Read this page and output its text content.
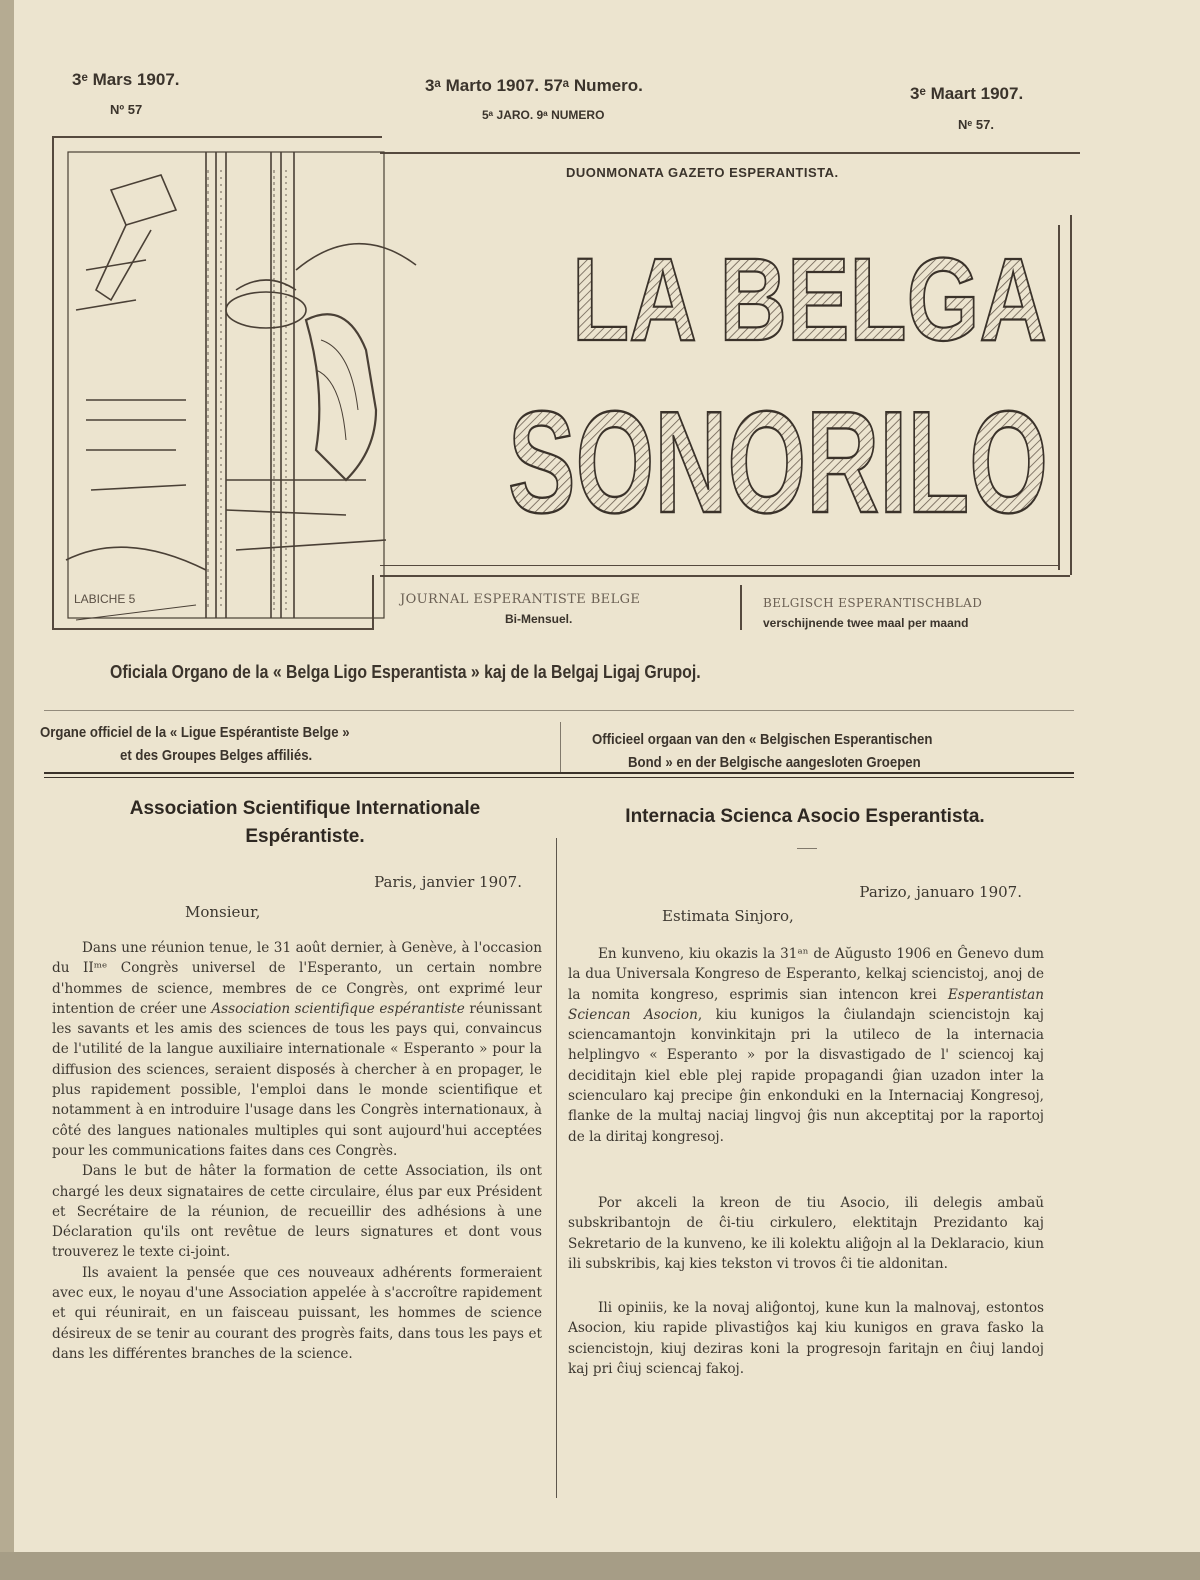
3ᵉ Mars 1907.
Nº 57
3ᵃ Marto 1907. 57ᵃ Numero.
5ᵃ JARO. 9ᵃ NUMERO
3ᵉ Maart 1907.
Nᵉ 57.
DUONMONATA GAZETO ESPERANTISTA.
LABICHE 5
LA BELGA
SONORILO
JOURNAL ESPERANTISTE BELGE
Bi-Mensuel.
BELGISCH ESPERANTISCHBLAD
verschijnende twee maal per maand
Oficiala Organo de la « Belga Ligo Esperantista » kaj de la Belgaj Ligaj Grupoj.
Organe officiel de la « Ligue Espérantiste Belge »
et des Groupes Belges affiliés.
Officieel orgaan van den « Belgischen Esperantischen
Bond » en der Belgische aangesloten Groepen
Association Scientifique Internationale
Espérantiste.
Paris, janvier 1907.
Monsieur,

Dans une réunion tenue, le 31 août dernier, à Genève, à l'occasion du IIᵐᵉ Congrès universel de l'Esperanto, un certain nombre d'hommes de science, membres de ce Congrès, ont exprimé leur intention de créer une Association scientifique espérantiste réunissant les savants et les amis des sciences de tous les pays qui, convaincus de l'utilité de la langue auxiliaire internationale « Esperanto » pour la diffusion des sciences, seraient disposés à chercher à en propager, le plus rapidement possible, l'emploi dans le monde scientifique et notamment à en introduire l'usage dans les Congrès internationaux, à côté des langues nationales multiples qui sont aujourd'hui acceptées pour les communications faites dans ces Congrès.

Dans le but de hâter la formation de cette Association, ils ont chargé les deux signataires de cette circulaire, élus par eux Président et Secrétaire de la réunion, de recueillir des adhésions à une Déclaration qu'ils ont revêtue de leurs signatures et dont vous trouverez le texte ci-joint.

Ils avaient la pensée que ces nouveaux adhérents formeraient avec eux, le noyau d'une Association appelée à s'accroître rapidement et qui réunirait, en un faisceau puissant, les hommes de science désireux de se tenir au courant des progrès faits, dans tous les pays et dans les différentes branches de la science.

Internacia Scienca Asocio Esperantista.
Parizo, januaro 1907.
Estimata Sinjoro,

En kunveno, kiu okazis la 31ᵃⁿ de Aŭgusto 1906 en Ĝenevo dum la dua Universala Kongreso de Esperanto, kelkaj sciencistoj, anoj de la nomita kongreso, esprimis sian intencon krei Esperantistan Sciencan Asocion, kiu kunigos la ĉiulandajn sciencistojn kaj sciencamantojn konvinkitajn pri la utileco de la internacia helplingvo « Esperanto » por la disvastigado de l' sciencoj kaj deciditajn kiel eble plej rapide propagandi ĝian uzadon inter la sciencularo kaj precipe ĝin enkonduki en la Internaciaj Kongresoj, flanke de la multaj naciaj lingvoj ĝis nun akceptitaj por la raportoj de la diritaj kongresoj.

Por akceli la kreon de tiu Asocio, ili delegis ambaŭ subskribantojn de ĉi-tiu cirkulero, elektitajn Prezidanto kaj Sekretario de la kunveno, ke ili kolektu aliĝojn al la Deklaracio, kiun ili subskribis, kaj kies tekston vi trovos ĉi tie aldonitan.

Ili opiniis, ke la novaj aliĝontoj, kune kun la malnovaj, estontos Asocion, kiu rapide plivastiĝos kaj kiu kunigos en grava fasko la sciencistojn, kiuj deziras koni la progresojn faritajn en ĉiuj landoj kaj pri ĉiuj sciencaj fakoj.
